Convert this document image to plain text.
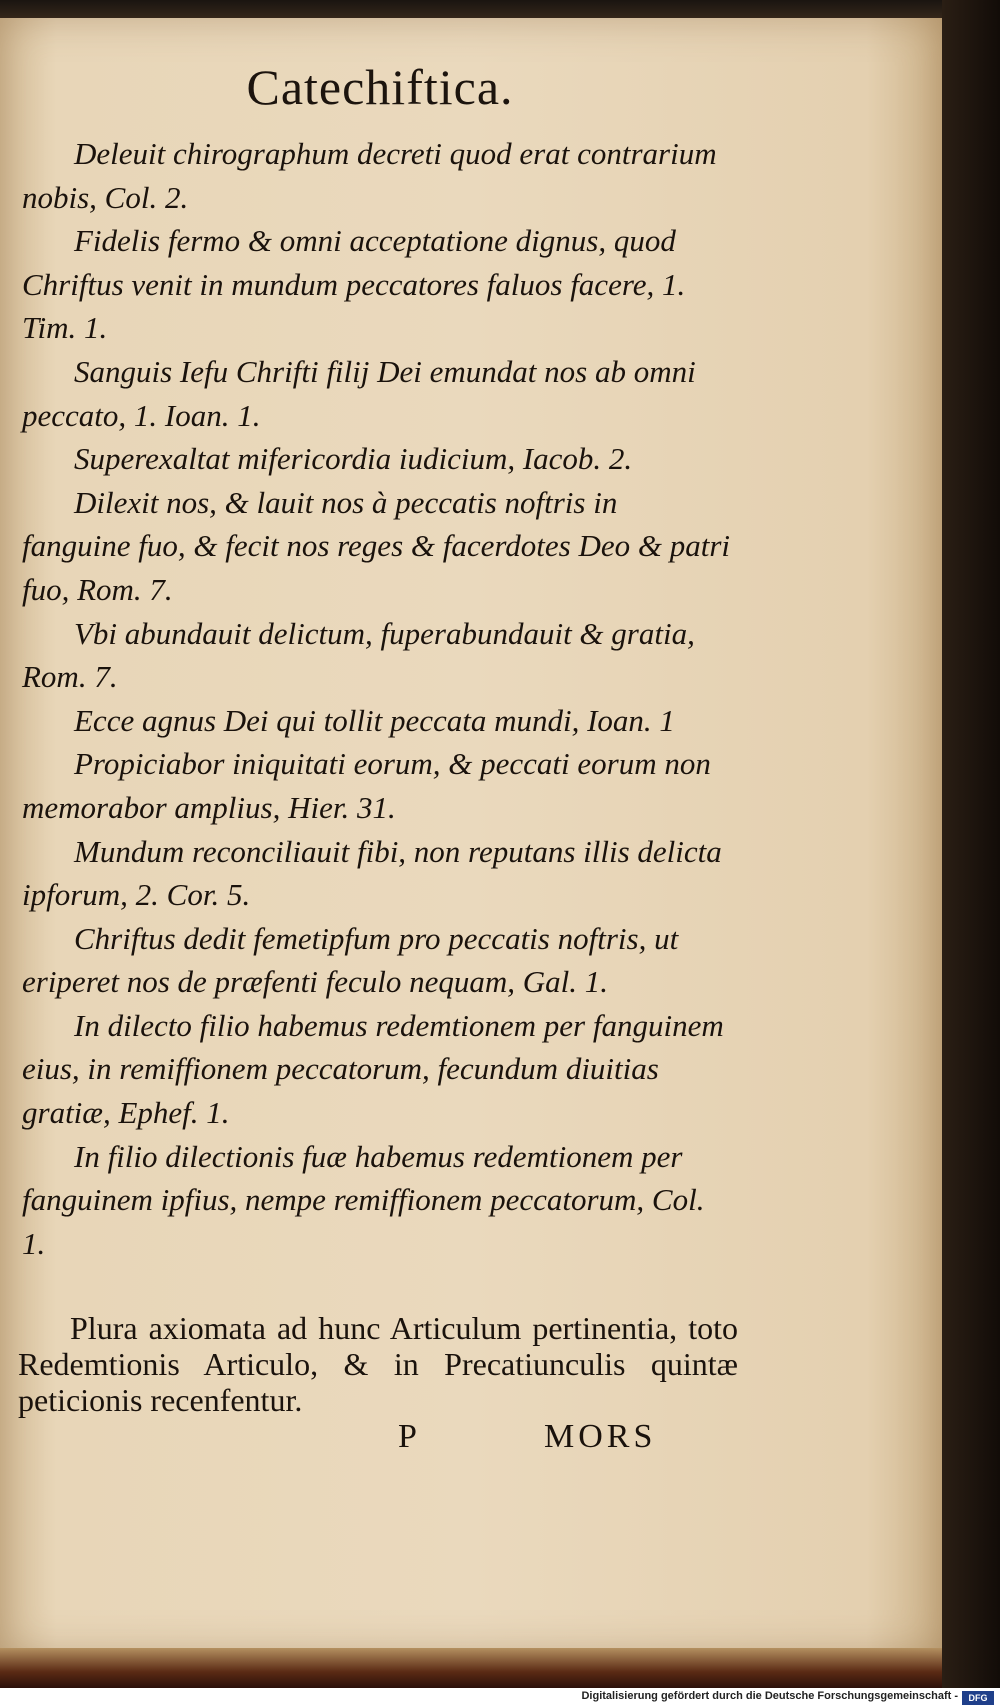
Catechiftica.

Deleuit chirographum decreti quod erat contrarium nobis, Col. 2.

Fidelis fermo & omni acceptatione dignus, quod Chriftus venit in mundum peccatores faluos facere, 1. Tim. 1.

Sanguis Iefu Chrifti filij Dei emundat nos ab omni peccato, 1. Ioan. 1.

Superexaltat mifericordia iudicium, Iacob. 2.

Dilexit nos, & lauit nos à peccatis noftris in fanguine fuo, & fecit nos reges & facerdotes Deo & patri fuo, Rom. 7.

Vbi abundauit delictum, fuperabundauit & gratia, Rom. 7.

Ecce agnus Dei qui tollit peccata mundi, Ioan. 1

Propiciabor iniquitati eorum, & peccati eorum non memorabor amplius, Hier. 31.

Mundum reconciliauit fibi, non reputans illis delicta ipforum, 2. Cor. 5.

Chriftus dedit femetipfum pro peccatis noftris, ut eriperet nos de præfenti feculo nequam, Gal. 1.

In dilecto filio habemus redemtionem per fanguinem eius, in remiffionem peccatorum, fecundum diuitias gratiæ, Ephef. 1.

In filio dilectionis fuæ habemus redemtionem per fanguinem ipfius, nempe remiffionem peccatorum, Col. 1.

Plura axiomata ad hunc Articulum pertinentia, toto Redemtionis Articulo, & in Precatiunculis quintæ peticionis recenfentur.

P	MORS
Digitalisierung gefördert durch die Deutsche Forschungsgemeinschaft -	DFG
